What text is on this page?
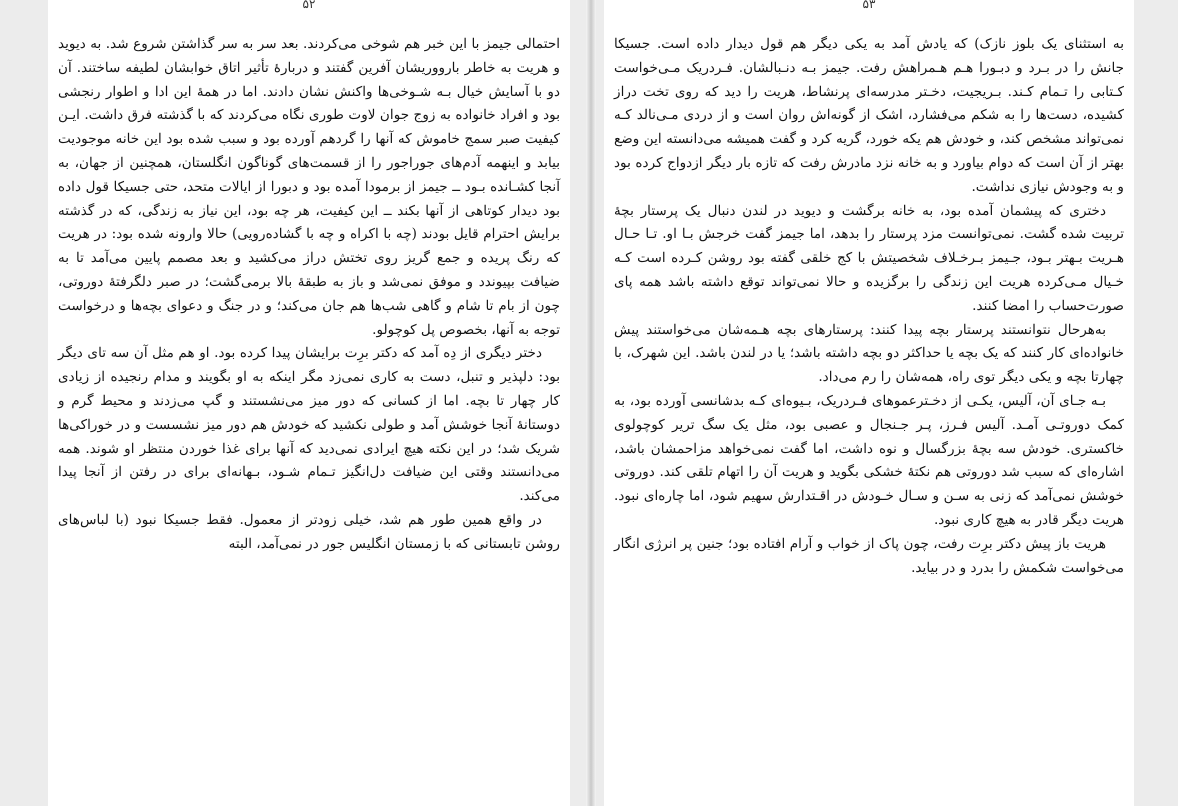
۵۲

احتمالی جیمز با این خبر هم شوخی می‌کردند. بعد سر به سر گذاشتن شروع شد. به دیوید و هریت به خاطر بارووریشان آفرین گفتند و دربارهٔ تأثیر اتاق خوابشان لطیفه ساختند. آن دو با آسایش خیال بـه شـوخی‌ها واکنش نشان دادند. اما در همهٔ این ادا و اطوار رنجشی بود و افراد خانواده به زوج جوان لاوت طوری نگاه می‌کردند که با گذشته فرق داشت. ایـن کیفیت صبر سمج خاموش که آنها را گردهم آورده بود و سبب شده بود این خانه موجودیت بیابد و اینهمه آدم‌های جوراجور را از قسمت‌های گوناگون انگلستان، همچنین از جهان، به آنجا کشـانده بـود ــ جیمز از برمودا آمده بود و دبورا از ایالات متحد، حتی جسیکا قول داده بود دیدار کوتاهی از آنها بکند ــ این کیفیت، هر چه بود، این نیاز به زندگی، که در گذشته برایش احترام قایل بودند (چه با اکراه و چه با گشاده‌رویی) حالا وارونه شده بود: در هریت که رنگ پریده و جمع گریز روی تختش دراز می‌کشید و بعد مصمم پایین می‌آمد تا به ضیافت بپیوندد و موفق نمی‌شد و باز به طبقهٔ بالا برمی‌گشت؛ در صبر دلگرفتهٔ دوروتی، چون از بام تا شام و گاهی شب‌ها هم جان می‌کند؛ و در جنگ و دعوای بچه‌ها و درخواست توجه به آنها، بخصوص پل کوچولو.

دختر دیگری از دِه آمد که دکتر برِت برایشان پیدا کرده بود. او هم مثل آن سه تای دیگر بود: دلپذیر و تنبل، دست به کاری نمی‌زد مگر اینکه به او بگویند و مدام رنجیده از زیادی کار چهار تا بچه. اما از کسانی که دور میز می‌نشستند و گپ می‌زدند و محیط گرم و دوستانهٔ آنجا خوشش آمد و طولی نکشید که خودش هم دور میز نشسست و در خوراکی‌ها شریک شد؛ در این نکته هیچ ایرادی نمی‌دید که آنها برای غذا خوردن منتظر او شوند. همه می‌دانستند وقتی این ضیافت دل‌انگیز تـمام شـود، بـهانه‌ای برای در رفتن از آنجا پیدا می‌کند.

در واقع همین طور هم شد، خیلی زودتر از معمول. فقط جسیکا نبود (با لباس‌های روشن تابستانی که با زمستان انگلیس جور در نمی‌آمد، البته

۵۳

به استثنای یک بلوز نازک) که یادش آمد به یکی دیگر هم قول دیدار داده است. جسیکا جانش را در بـرد و دبـورا هـم هـمراهش رفت. جیمز بـه دنـبالشان. فـردریک مـی‌خواست کـتابی را تـمام کـند. بـریجیت، دخـتر مدرسه‌ای پرنشاط، هریت را دید که روی تخت دراز کشیده، دست‌ها را به شکم می‌فشارد، اشک از گونه‌اش روان است و از دردی مـی‌نالد کـه نمی‌تواند مشخص کند، و خودش هم یکه خورد، گریه کرد و گفت همیشه می‌دانسته این وضع بهتر از آن است که دوام بیاورد و به خانه نزد مادرش رفت که تازه بار دیگر ازدواج کرده بود و به وجودش نیازی نداشت.

دختری که پیشمان آمده بود، به خانه برگشت و دیوید در لندن دنبال یک پرستار بچهٔ تربیت شده گشت. نمی‌توانست مزد پرستار را بدهد، اما جیمز گفت خرجش بـا او. تـا حـال هـریت بـهتر بـود، جـیمز بـرخـلاف شخصیتش با کج خلقی گفته بود روشن کـرده است کـه خـیال مـی‌کرده هریت این زندگی را برگزیده و حالا نمی‌تواند توقع داشته باشد همه پای صورت‌حساب را امضا کنند.

به‌هرحال نتوانستند پرستار بچه پیدا کنند: پرستارهای بچه هـمه‌شان می‌خواستند پیش خانواده‌ای کار کنند که یک بچه یا حداکثر دو بچه داشته باشد؛ یا در لندن باشد. این شهرک، با چهارتا بچه و یکی دیگر توی راه، همه‌شان را رم می‌داد.

بـه جـای آن، آلیس، یکـی از دخـترعموهای فـردریک، بـیوه‌ای کـه بدشانسی آورده بود، به کمک دوروتـی آمـد. آلیس فـرز، پـر جـنجال و عصبی بود، مثل یک سگ تریر کوچولوی خاکستری. خودش سه بچهٔ بزرگسال و نوه داشت، اما گفت نمی‌خواهد مزاحمشان باشد، اشاره‌ای که سبب شد دوروتی هم نکتهٔ خشکی بگوید و هریت آن را اتهام تلقی کند. دوروتی خوشش نمی‌آمد که زنی به سـن و سـال خـودش در اقـتدارش سهیم شود، اما چاره‌ای نبود. هریت دیگر قادر به هیچ کاری نبود.

هریت باز پیش دکتر برِت رفت، چون پاک از خواب و آرام افتاده بود؛ جنین پر انرژی انگار می‌خواست شکمش را بدرد و در بیاید.
